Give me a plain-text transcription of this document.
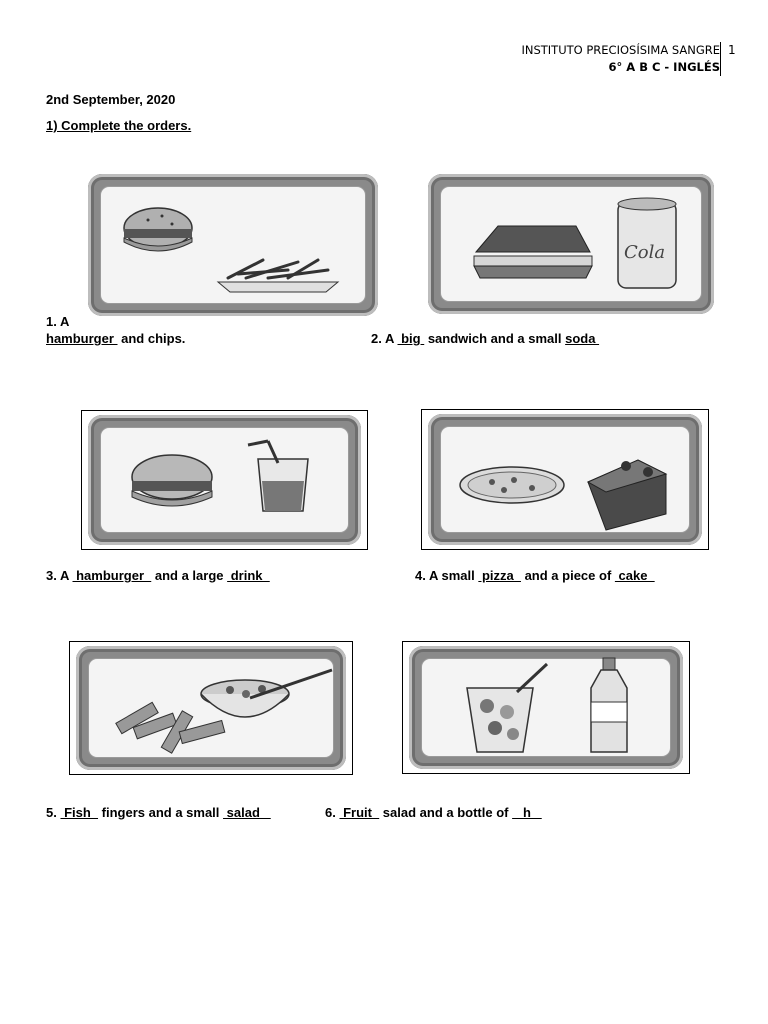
INSTITUTO PRECIOSÍSIMA SANGRE
6° A B C - INGLÉS
1
2nd September, 2020
1) Complete the orders.
Cola
1. A
hamburger  and chips.	2. A  big  sandwich and a small soda
3. A  hamburger   and a large  drink	4. A small  pizza   and a piece of  cake
5.  Fish   fingers and a small  salad	6.  Fruit   salad and a bottle of    h
